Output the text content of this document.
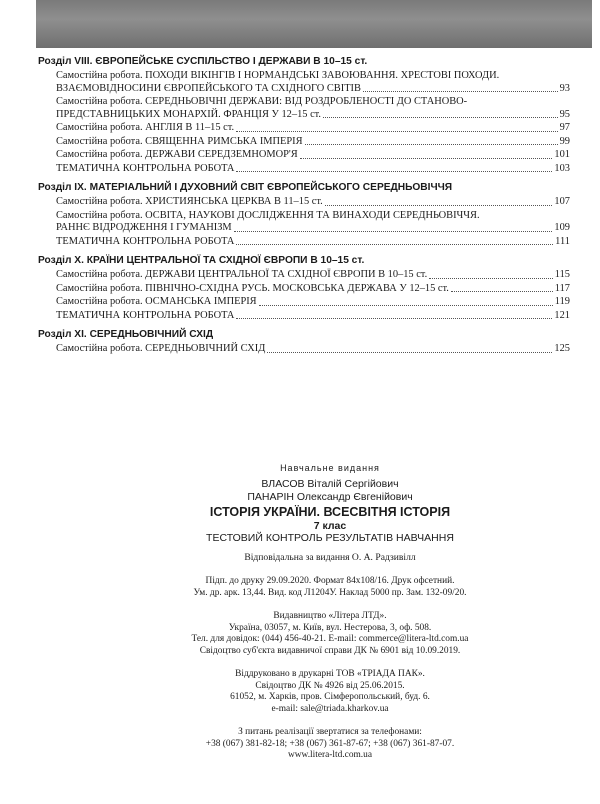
Розділ VIII. ЄВРОПЕЙСЬКЕ СУСПІЛЬСТВО І ДЕРЖАВИ В 10–15 ст.
Самостійна робота. ПОХОДИ ВІКІНГІВ І НОРМАНДСЬКІ ЗАВОЮВАННЯ. ХРЕСТОВІ ПОХОДИ.
ВЗАЄМОВІДНОСИНИ ЄВРОПЕЙСЬКОГО ТА СХІДНОГО СВІТІВ	93
Самостійна робота. СЕРЕДНЬОВІЧНІ ДЕРЖАВИ: ВІД РОЗДРОБЛЕНОСТІ ДО СТАНОВО-
ПРЕДСТАВНИЦЬКИХ МОНАРХІЙ. ФРАНЦІЯ У 12–15 ст.	95
Самостійна робота. АНГЛІЯ В 11–15 ст.	97
Самостійна робота. СВЯЩЕННА РИМСЬКА ІМПЕРІЯ	99
Самостійна робота. ДЕРЖАВИ СЕРЕДЗЕМНОМОР'Я	101
ТЕМАТИЧНА КОНТРОЛЬНА РОБОТА	103
Розділ IX. МАТЕРІАЛЬНИЙ І ДУХОВНИЙ СВІТ ЄВРОПЕЙСЬКОГО СЕРЕДНЬОВІЧЧЯ
Самостійна робота. ХРИСТИЯНСЬКА ЦЕРКВА В 11–15 ст.	107
Самостійна робота. ОСВІТА, НАУКОВІ ДОСЛІДЖЕННЯ ТА ВИНАХОДИ СЕРЕДНЬОВІЧЧЯ.
РАННЄ ВІДРОДЖЕННЯ І ГУМАНІЗМ	109
ТЕМАТИЧНА КОНТРОЛЬНА РОБОТА	111
Розділ X. КРАЇНИ ЦЕНТРАЛЬНОЇ ТА СХІДНОЇ ЄВРОПИ В 10–15 ст.
Самостійна робота. ДЕРЖАВИ ЦЕНТРАЛЬНОЇ ТА СХІДНОЇ ЄВРОПИ В 10–15 ст.	115
Самостійна робота. ПІВНІЧНО-СХІДНА РУСЬ. МОСКОВСЬКА ДЕРЖАВА У 12–15 ст.	117
Самостійна робота. ОСМАНСЬКА ІМПЕРІЯ	119
ТЕМАТИЧНА КОНТРОЛЬНА РОБОТА	121
Розділ XI. СЕРЕДНЬОВІЧНИЙ СХІД
Самостійна робота. СЕРЕДНЬОВІЧНИЙ СХІД	125
Навчальне видання
ВЛАСОВ Віталій Сергійович
ПАНАРІН Олександр Євгенійович
ІСТОРІЯ УКРАЇНИ. ВСЕСВІТНЯ ІСТОРІЯ
7 клас
ТЕСТОВИЙ КОНТРОЛЬ РЕЗУЛЬТАТІВ НАВЧАННЯ
Відповідальна за видання О. А. Радзивілл
Підп. до друку 29.09.2020. Формат 84x108/16. Друк офсетний.
Ум. др. арк. 13,44. Вид. код Л1204У. Наклад 5000 пр. Зам. 132-09/20.
Видавництво «Літера ЛТД».
Україна, 03057, м. Київ, вул. Нестерова, 3, оф. 508.
Тел. для довідок: (044) 456-40-21. E-mail: commerce@litera-ltd.com.ua
Свідоцтво суб'єкта видавничої справи ДК № 6901 від 10.09.2019.
Віддруковано в друкарні ТОВ «ТРІАДА ПАК».
Свідоцтво ДК № 4926 від 25.06.2015.
61052, м. Харків, пров. Сімферопольський, буд. 6.
e-mail: sale@triada.kharkov.ua
З питань реалізації звертатися за телефонами:
+38 (067) 381-82-18; +38 (067) 361-87-67; +38 (067) 361-87-07.
www.litera-ltd.com.ua
